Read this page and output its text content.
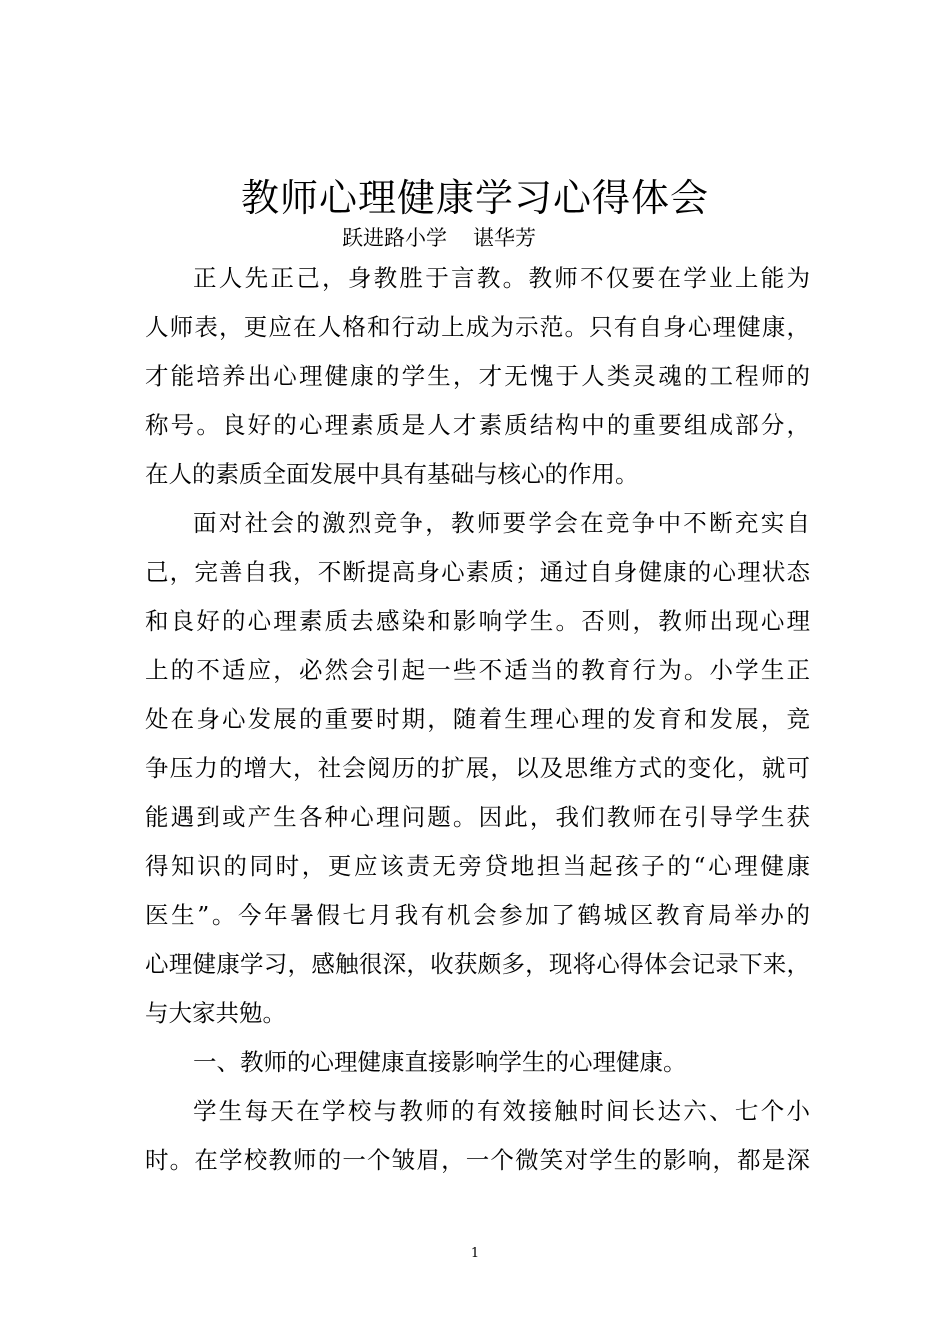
教师心理健康学习心得体会
跃进路小学 谌华芳
正人先正己，身教胜于言教。教师不仅要在学业上能为
人师表，更应在人格和行动上成为示范。只有自身心理健康，
才能培养出心理健康的学生，才无愧于人类灵魂的工程师的
称号。良好的心理素质是人才素质结构中的重要组成部分，
在人的素质全面发展中具有基础与核心的作用。
面对社会的激烈竞争，教师要学会在竞争中不断充实自
己，完善自我，不断提高身心素质；通过自身健康的心理状态
和良好的心理素质去感染和影响学生。否则，教师出现心理
上的不适应，必然会引起一些不适当的教育行为。小学生正
处在身心发展的重要时期，随着生理心理的发育和发展，竞
争压力的增大，社会阅历的扩展，以及思维方式的变化，就可
能遇到或产生各种心理问题。因此，我们教师在引导学生获
得知识的同时，更应该责无旁贷地担当起孩子的“心理健康
医生”。今年暑假七月我有机会参加了鹤城区教育局举办的
心理健康学习，感触很深，收获颇多，现将心得体会记录下来，
与大家共勉。
一、教师的心理健康直接影响学生的心理健康。
学生每天在学校与教师的有效接触时间长达六、七个小
时。在学校教师的一个皱眉，一个微笑对学生的影响，都是深
1
